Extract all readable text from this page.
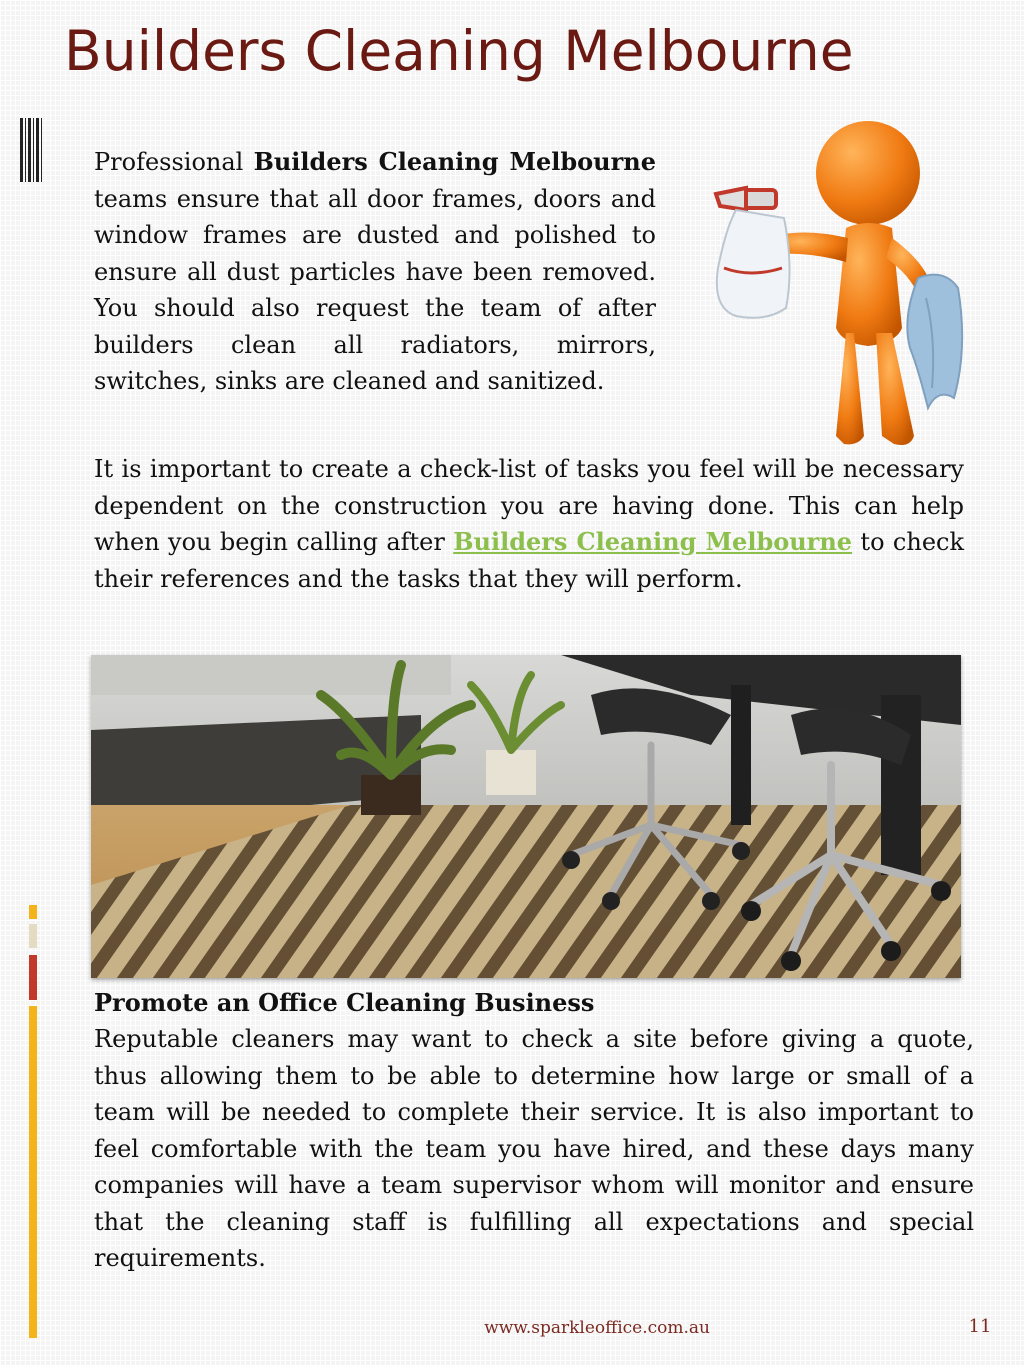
Builders Cleaning Melbourne

Professional Builders Cleaning Melbourne teams ensure that all door frames, doors and window frames are dusted and polished to ensure all dust particles have been removed. You should also request the team of after builders clean all radiators, mirrors, switches, sinks are cleaned and sanitized.

It is important to create a check-list of tasks you feel will be necessary dependent on the construction you are having done. This can help when you begin calling after Builders Cleaning Melbourne to check their references and the tasks that they will perform.

Promote an Office Cleaning Business

Reputable cleaners may want to check a site before giving a quote, thus allowing them to be able to determine how large or small of a team will be needed to complete their service. It is also important to feel comfortable with the team you have hired, and these days many companies will have a team supervisor whom will monitor and ensure that the cleaning staff is fulfilling all expectations and special requirements.

www.sparkleoffice.com.au	11
